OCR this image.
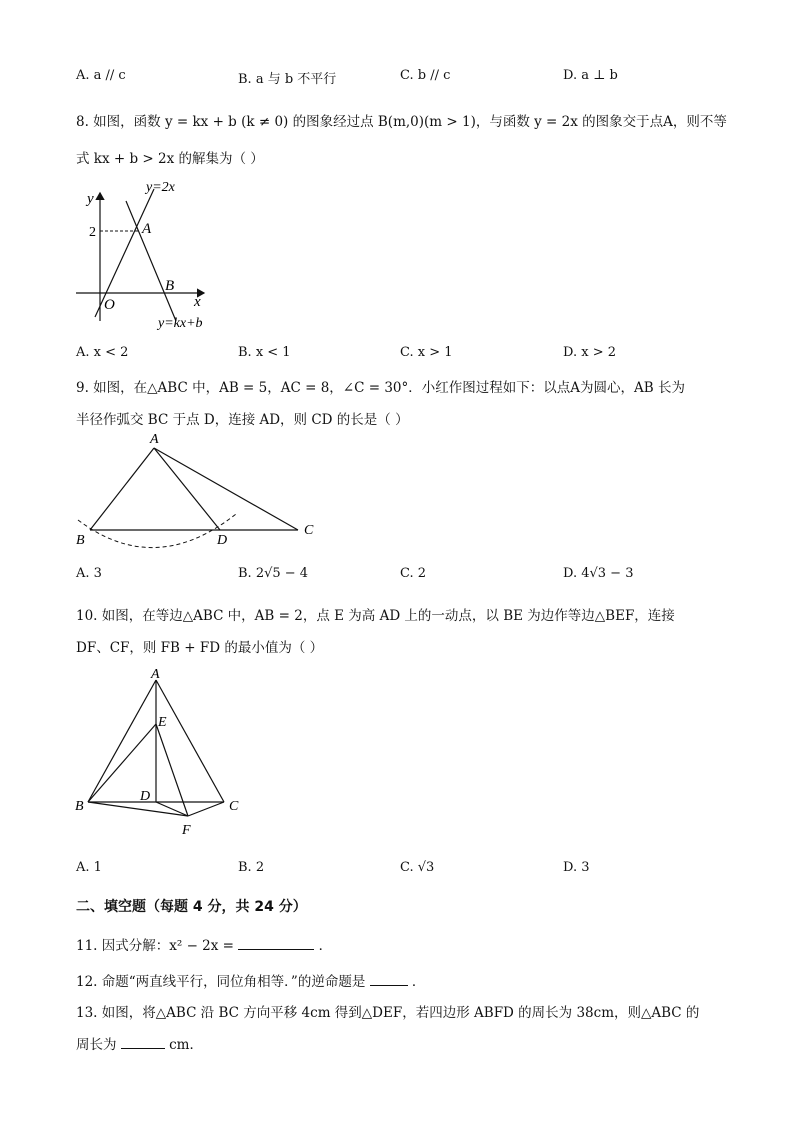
A. a // c	B. a 与 b 不平行	C. b // c	D. a ⊥ b
8. 如图，函数 y = kx + b (k ≠ 0) 的图象经过点 B(m,0)(m > 1)，与函数 y = 2x 的图象交于点A，则不等
式 kx + b > 2x 的解集为（ ）
y
x
O
A
B
2
y=2x
y=kx+b
A. x < 2	B. x < 1	C. x > 1	D. x > 2
9. 如图，在△ABC 中，AB = 5，AC = 8，∠C = 30°．小红作图过程如下：以点A为圆心，AB 长为
半径作弧交 BC 于点 D，连接 AD，则 CD 的长是（ ）
A
B
C
D
A. 3	B. 2√5 − 4	C. 2	D. 4√3 − 3
10. 如图，在等边△ABC 中，AB = 2，点 E 为高 AD 上的一动点，以 BE 为边作等边△BEF，连接
DF、CF，则 FB + FD 的最小值为（ ）
A
E
B	C
D
F
A. 1	B. 2	C. √3	D. 3
二、填空题（每题 4 分，共 24 分）
11. 因式分解：x² − 2x =	．
12. 命题“两直线平行，同位角相等．”的逆命题是	．
13. 如图，将△ABC 沿 BC 方向平移 4cm 得到△DEF，若四边形 ABFD 的周长为 38cm，则△ABC 的
周长为	cm．
